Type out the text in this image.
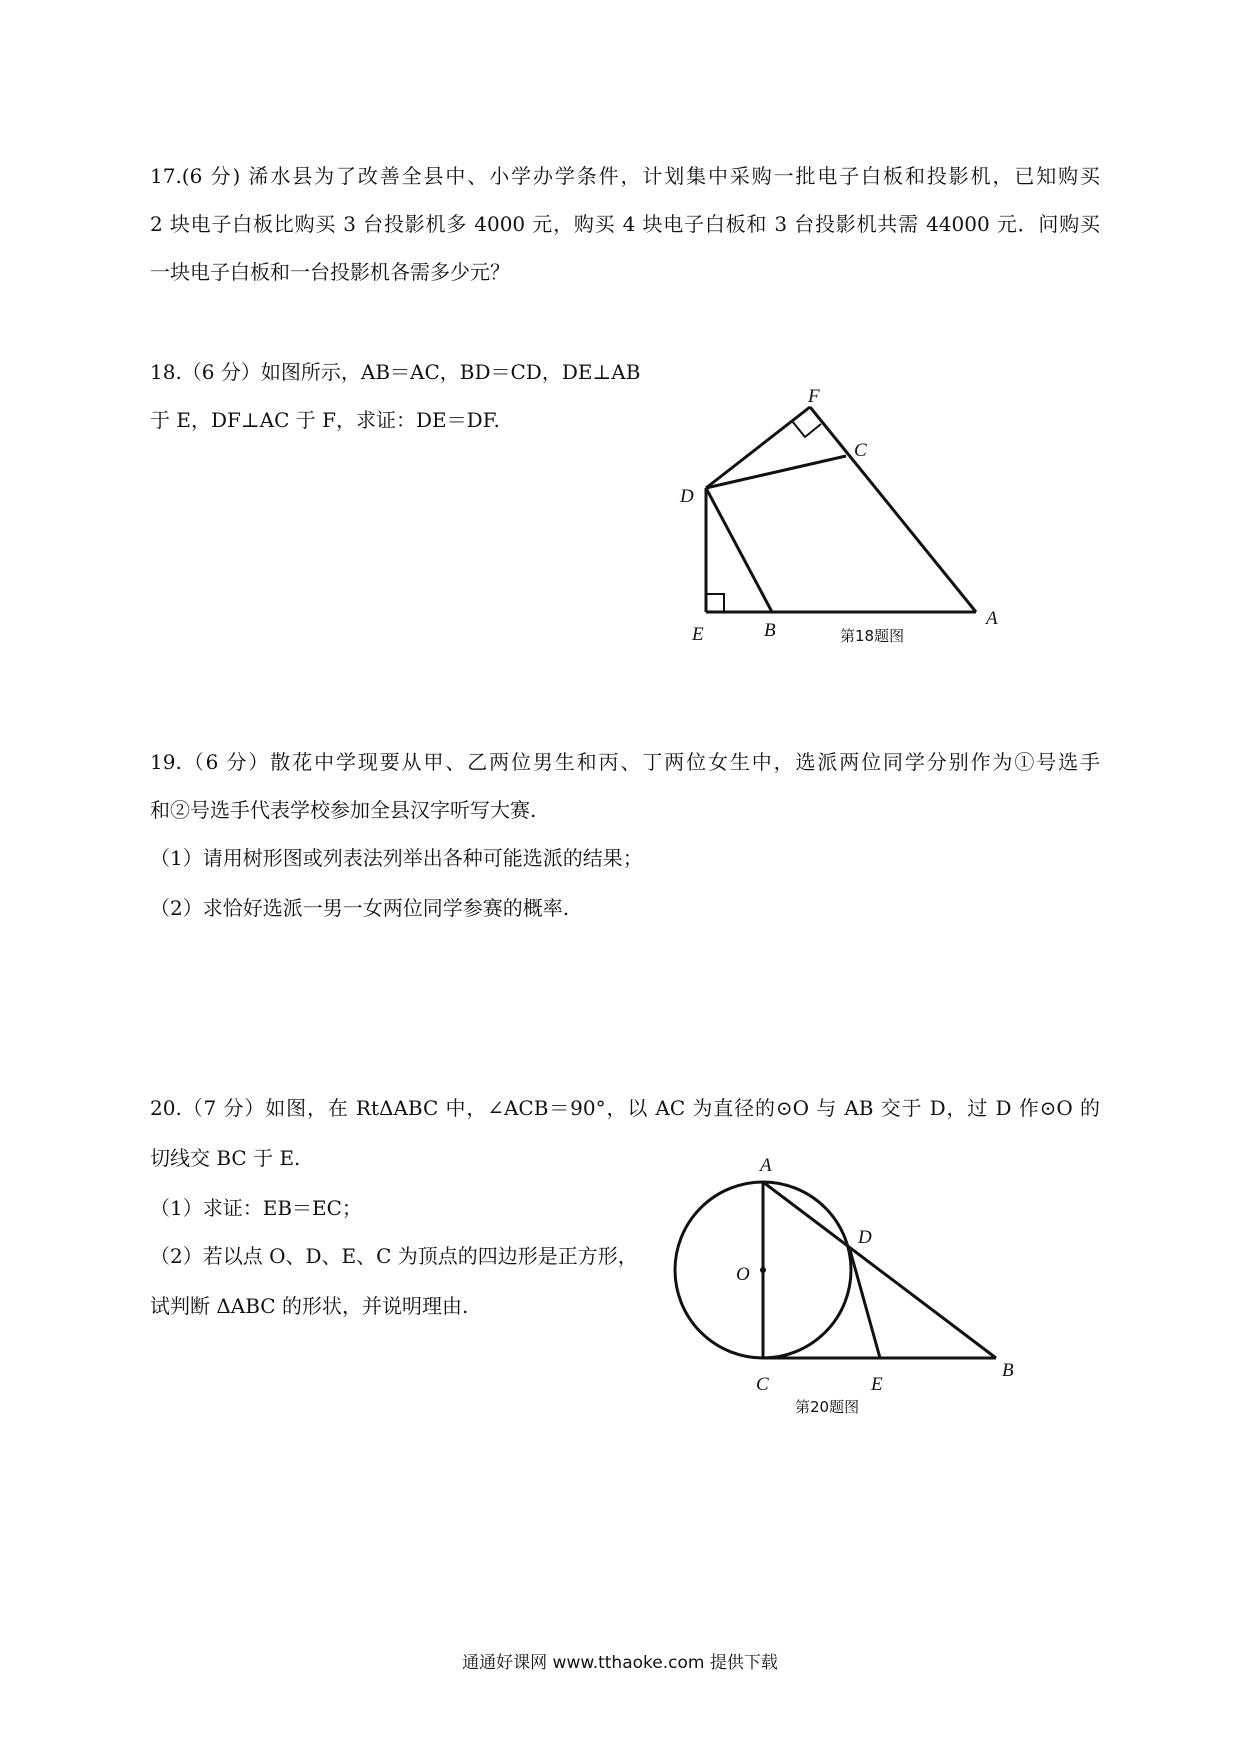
17.(6 分) 浠水县为了改善全县中、小学办学条件，计划集中采购一批电子白板和投影机，已知购买
2 块电子白板比购买 3 台投影机多 4000 元，购买 4 块电子白板和 3 台投影机共需 44000 元．问购买
一块电子白板和一台投影机各需多少元？
18.（6 分）如图所示，AB＝AC，BD＝CD，DE⊥AB
于 E，DF⊥AC 于 F，求证：DE＝DF.
F
C
D
E	B
A
第18题图
19.（6 分）散花中学现要从甲、乙两位男生和丙、丁两位女生中，选派两位同学分别作为①号选手
和②号选手代表学校参加全县汉字听写大赛.
（1）请用树形图或列表法列举出各种可能选派的结果；
（2）求恰好选派一男一女两位同学参赛的概率.
20.（7 分）如图，在 RtΔABC 中，∠ACB＝90°，以 AC 为直径的⊙O 与 AB 交于 D，过 D 作⊙O 的
切线交 BC 于 E.
（1）求证：EB＝EC；
（2）若以点 O、D、E、C 为顶点的四边形是正方形，
试判断 ΔABC 的形状，并说明理由.
A
D
O
C	E
B
第20题图
通通好课网 www.tthaoke.com 提供下载
